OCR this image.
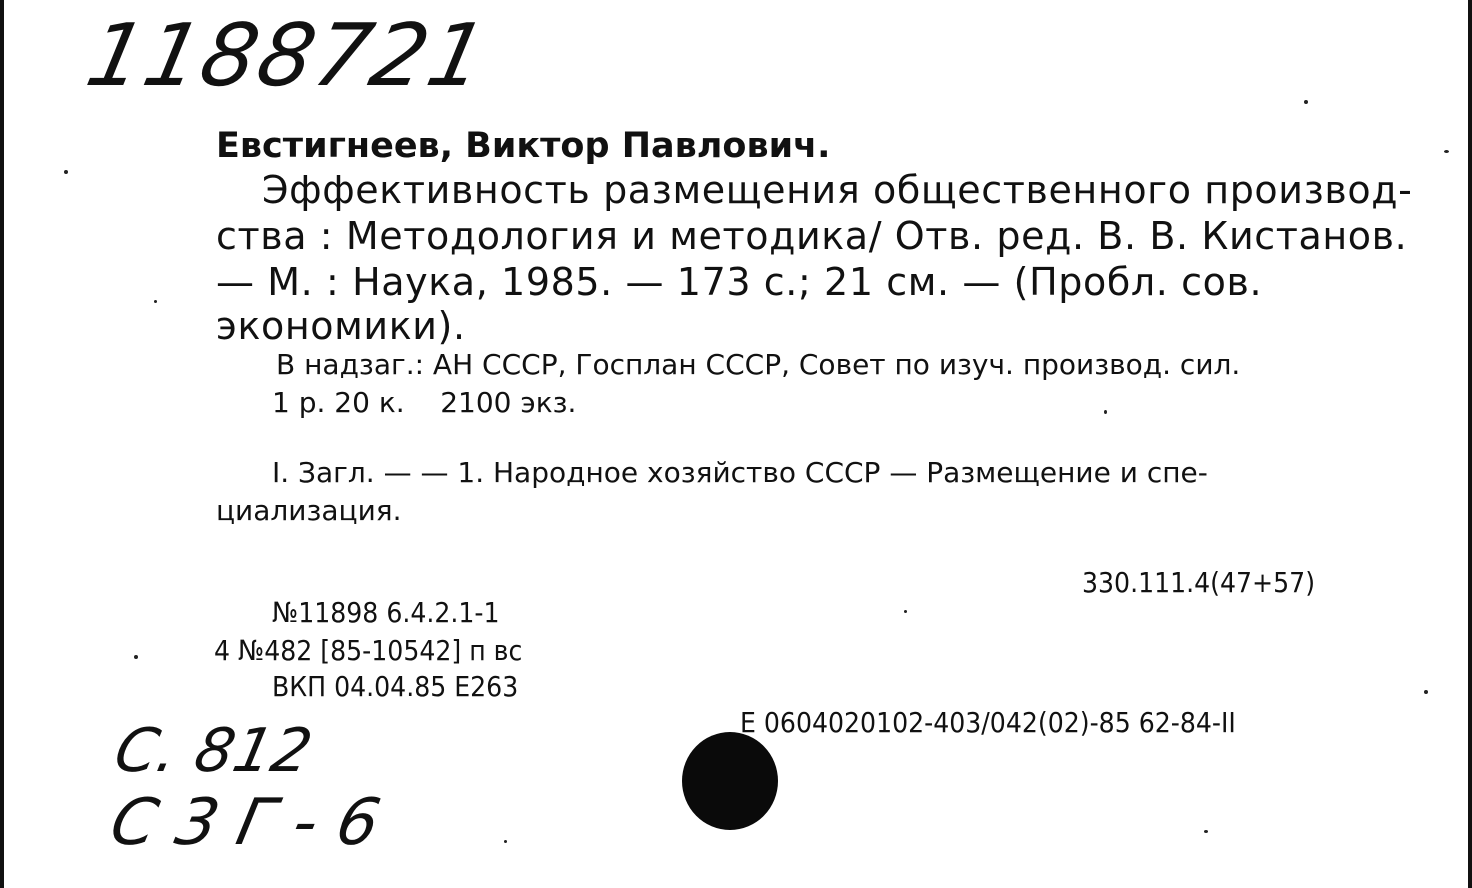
1188721
Евстигнеев, Виктор Павлович.
Эффективность размещения общественного производ-
ства : Методология и методика/ Отв. ред. В. В. Кистанов.
— М. : Наука, 1985. — 173 с.; 21 см. — (Пробл. сов.
экономики).
В надзаг.: АН СССР, Госплан СССР, Совет по изуч. производ. сил.
1 р. 20 к.    2100 экз.
I. Загл. — — 1. Народное хозяйство СССР — Размещение и спе-
циализация.
330.111.4(47+57)
№11898 6.4.2.1-1
4 №482 [85-10542] п вс
ВКП 04.04.85 Е263
Е 0604020102-403/042(02)-85 62-84-II
С. 812
С 3 Г - 6
